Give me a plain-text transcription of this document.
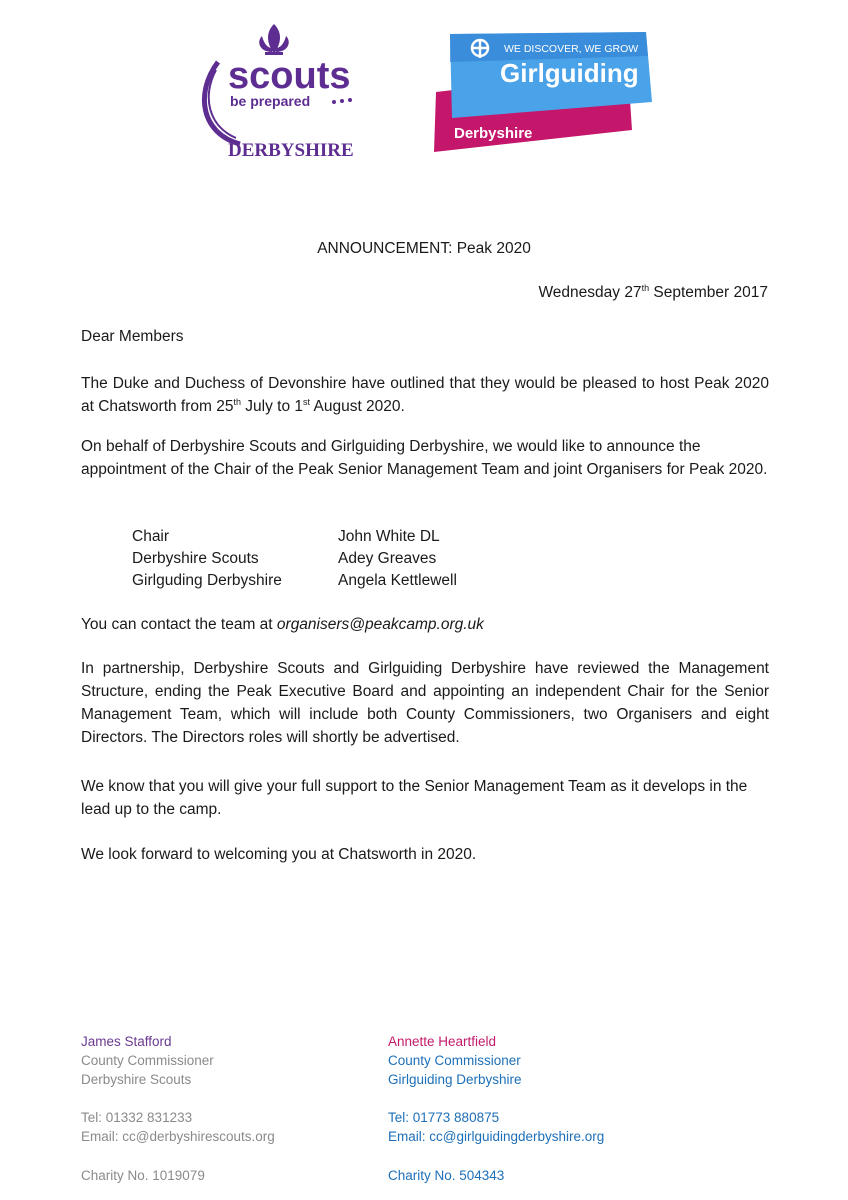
scouts
be prepared
DERBYSHIRE
WE DISCOVER, WE GROW
Girlguiding
Derbyshire
ANNOUNCEMENT: Peak 2020
Wednesday 27th September 2017
Dear Members
The Duke and Duchess of Devonshire have outlined that they would be pleased to host Peak 2020 at Chatsworth from 25th July to 1st August 2020.
On behalf of Derbyshire Scouts and Girlguiding Derbyshire, we would like to announce the appointment of the Chair of the Peak Senior Management Team and joint Organisers for Peak 2020.
Chair	John White DL
Derbyshire Scouts	Adey Greaves
Girlguding Derbyshire	Angela Kettlewell
You can contact the team at organisers@peakcamp.org.uk
In partnership, Derbyshire Scouts and Girlguiding Derbyshire have reviewed the Management Structure, ending the Peak Executive Board and appointing an independent Chair for the Senior Management Team, which will include both County Commissioners, two Organisers and eight Directors. The Directors roles will shortly be advertised.
We know that you will give your full support to the Senior Management Team as it develops in the lead up to the camp.
We look forward to welcoming you at Chatsworth in 2020.
James Stafford
County Commissioner
Derbyshire Scouts
Tel: 01332 831233
Email: cc@derbyshirescouts.org
Charity No. 1019079
Annette Heartfield
County Commissioner
Girlguiding Derbyshire
Tel: 01773 880875
Email: cc@girlguidingderbyshire.org
Charity No. 504343
